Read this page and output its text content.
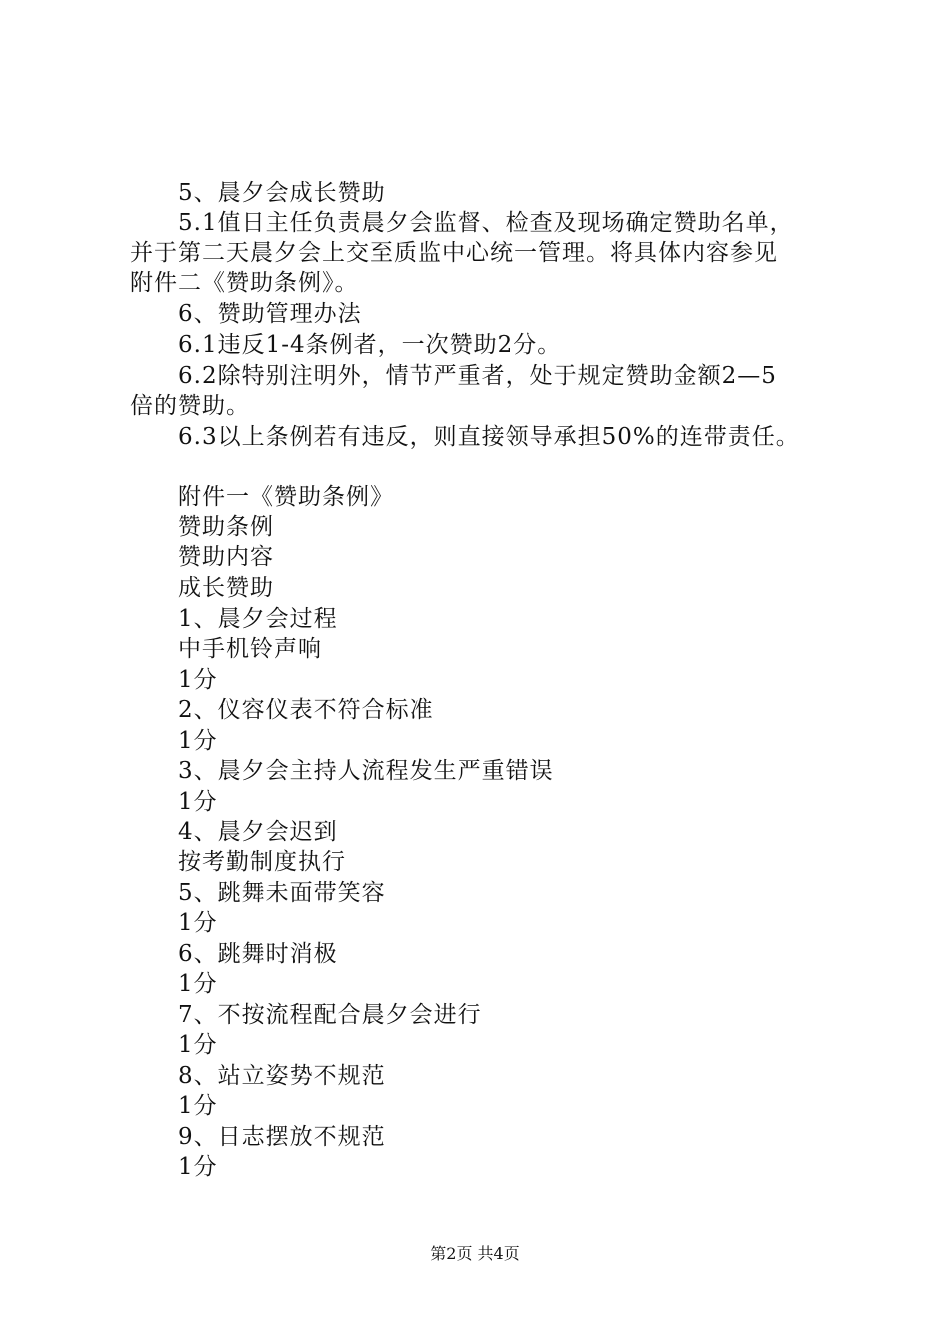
5、晨夕会成长赞助
5.1值日主任负责晨夕会监督、检查及现场确定赞助名单，
并于第二天晨夕会上交至质监中心统一管理。将具体内容参见
附件二《赞助条例》。
6、赞助管理办法
6.1违反1-4条例者，一次赞助2分。
6.2除特别注明外，情节严重者，处于规定赞助金额2—5
倍的赞助。
6.3以上条例若有违反，则直接领导承担50%的连带责任。
附件一《赞助条例》
赞助条例
赞助内容
成长赞助
1、晨夕会过程
中手机铃声响
1分
2、仪容仪表不符合标准
1分
3、晨夕会主持人流程发生严重错误
1分
4、晨夕会迟到
按考勤制度执行
5、跳舞未面带笑容
1分
6、跳舞时消极
1分
7、不按流程配合晨夕会进行
1分
8、站立姿势不规范
1分
9、日志摆放不规范
1分
第2页 共4页
